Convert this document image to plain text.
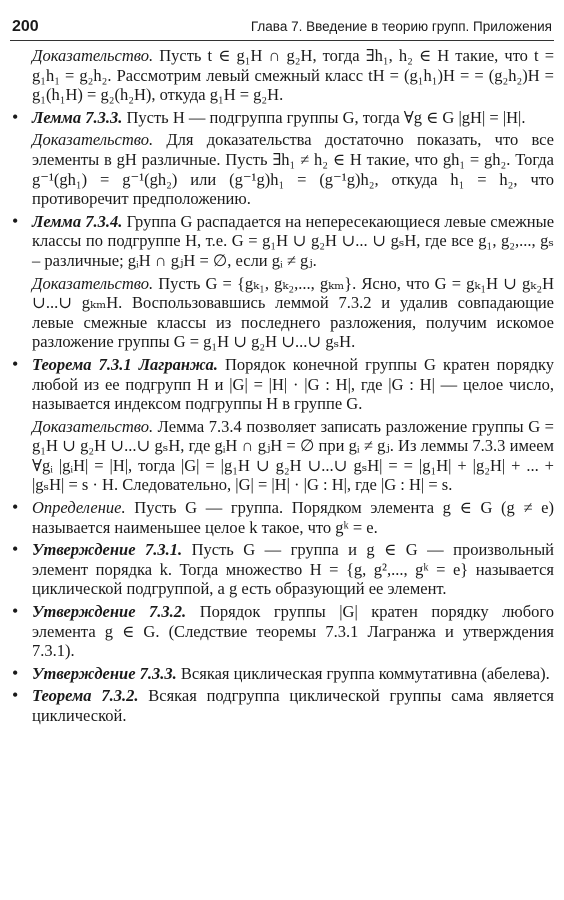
200	Глава 7. Введение в теорию групп. Приложения

Доказательство. Пусть t ∈ g₁H ∩ g₂H, тогда ∃h₁, h₂ ∈ H такие, что t = g₁h₁ = g₂h₂. Рассмотрим левый смежный класс tH = (g₁h₁)H = = (g₂h₂)H = g₁(h₁H) = g₂(h₂H), откуда g₁H = g₂H.

• Лемма 7.3.3. Пусть H — подгруппа группы G, тогда ∀g ∈ G |gH| = |H|.

Доказательство. Для доказательства достаточно показать, что все элементы в gH различные. Пусть ∃h₁ ≠ h₂ ∈ H такие, что gh₁ = gh₂. Тогда g⁻¹(gh₁) = g⁻¹(gh₂) или (g⁻¹g)h₁ = (g⁻¹g)h₂, откуда h₁ = h₂, что противоречит предположению.

• Лемма 7.3.4. Группа G распадается на непересекающиеся левые смежные классы по подгруппе H, т.е. G = g₁H ∪ g₂H ∪... ∪ gₛH, где все g₁, g₂,..., gₛ – различные; gᵢH ∩ gⱼH = ∅, если gᵢ ≠ gⱼ.

Доказательство. Пусть G = {gₖ₁, gₖ₂,..., gₖₘ}. Ясно, что G = gₖ₁H ∪ gₖ₂H ∪...∪ gₖₘH. Воспользовавшись леммой 7.3.2 и удалив совпадающие левые смежные классы из последнего разложения, получим искомое разложение группы G = g₁H ∪ g₂H ∪...∪ gₛH.

• Теорема 7.3.1 Лагранжа. Порядок конечной группы G кратен порядку любой из ее подгрупп H и |G| = |H| · |G : H|, где |G : H| — целое число, называется индексом подгруппы H в группе G.

Доказательство. Лемма 7.3.4 позволяет записать разложение группы G = g₁H ∪ g₂H ∪...∪ gₛH, где gᵢH ∩ gⱼH = ∅ при gᵢ ≠ gⱼ. Из леммы 7.3.3 имеем ∀gᵢ |gᵢH| = |H|, тогда |G| = |g₁H ∪ g₂H ∪...∪ gₛH| = = |g₁H| + |g₂H| + ... + |gₛH| = s · H. Следовательно, |G| = |H| · |G : H|, где |G : H| = s.

• Определение. Пусть G — группа. Порядком элемента g ∈ G (g ≠ e) называется наименьшее целое k такое, что gᵏ = e.
• Утверждение 7.3.1. Пусть G — группа и g ∈ G — произвольный элемент порядка k. Тогда множество H = {g, g²,..., gᵏ = e} называется циклической подгруппой, а g есть образующий ее элемент.
• Утверждение 7.3.2. Порядок группы |G| кратен порядку любого элемента g ∈ G. (Следствие теоремы 7.3.1 Лагранжа и утверждения 7.3.1).
• Утверждение 7.3.3. Всякая циклическая группа коммутативна (абелева).
• Теорема 7.3.2. Всякая подгруппа циклической группы сама является циклической.
